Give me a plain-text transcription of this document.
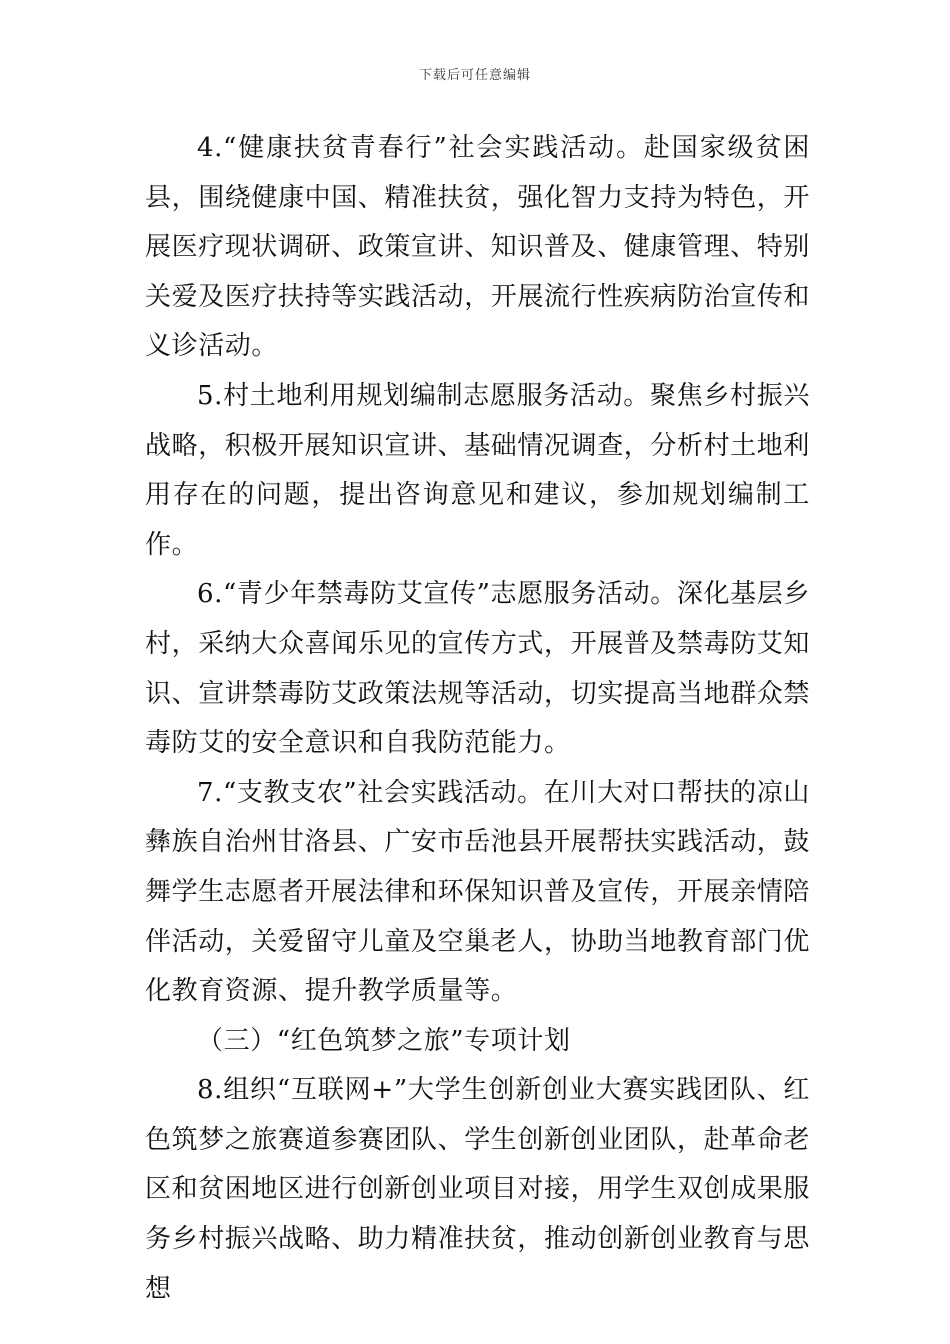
下载后可任意编辑

4.“健康扶贫青春行”社会实践活动。赴国家级贫困县，围绕健康中国、精准扶贫，强化智力支持为特色，开展医疗现状调研、政策宣讲、知识普及、健康管理、特别关爱及医疗扶持等实践活动，开展流行性疾病防治宣传和义诊活动。

5.村土地利用规划编制志愿服务活动。聚焦乡村振兴战略，积极开展知识宣讲、基础情况调查，分析村土地利用存在的问题，提出咨询意见和建议，参加规划编制工作。

6.“青少年禁毒防艾宣传”志愿服务活动。深化基层乡村，采纳大众喜闻乐见的宣传方式，开展普及禁毒防艾知识、宣讲禁毒防艾政策法规等活动，切实提高当地群众禁毒防艾的安全意识和自我防范能力。

7.“支教支农”社会实践活动。在川大对口帮扶的凉山彝族自治州甘洛县、广安市岳池县开展帮扶实践活动，鼓舞学生志愿者开展法律和环保知识普及宣传，开展亲情陪伴活动，关爱留守儿童及空巢老人，协助当地教育部门优化教育资源、提升教学质量等。

（三）“红色筑梦之旅”专项计划

8.组织“互联网+”大学生创新创业大赛实践团队、红色筑梦之旅赛道参赛团队、学生创新创业团队，赴革命老区和贫困地区进行创新创业项目对接，用学生双创成果服务乡村振兴战略、助力精准扶贫，推动创新创业教育与思想
